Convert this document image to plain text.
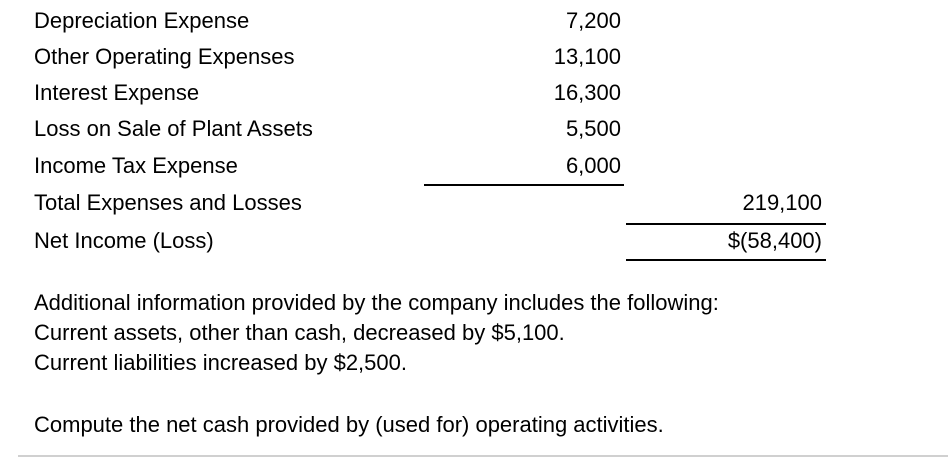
Depreciation Expense	7,200
Other Operating Expenses	13,100
Interest Expense	16,300
Loss on Sale of Plant Assets	5,500
Income Tax Expense	6,000
Total Expenses and Losses	219,100
Net Income (Loss)	$(58,400)
Additional information provided by the company includes the following:
Current assets, other than cash, decreased by $5,100.
Current liabilities increased by $2,500.
Compute the net cash provided by (used for) operating activities.
